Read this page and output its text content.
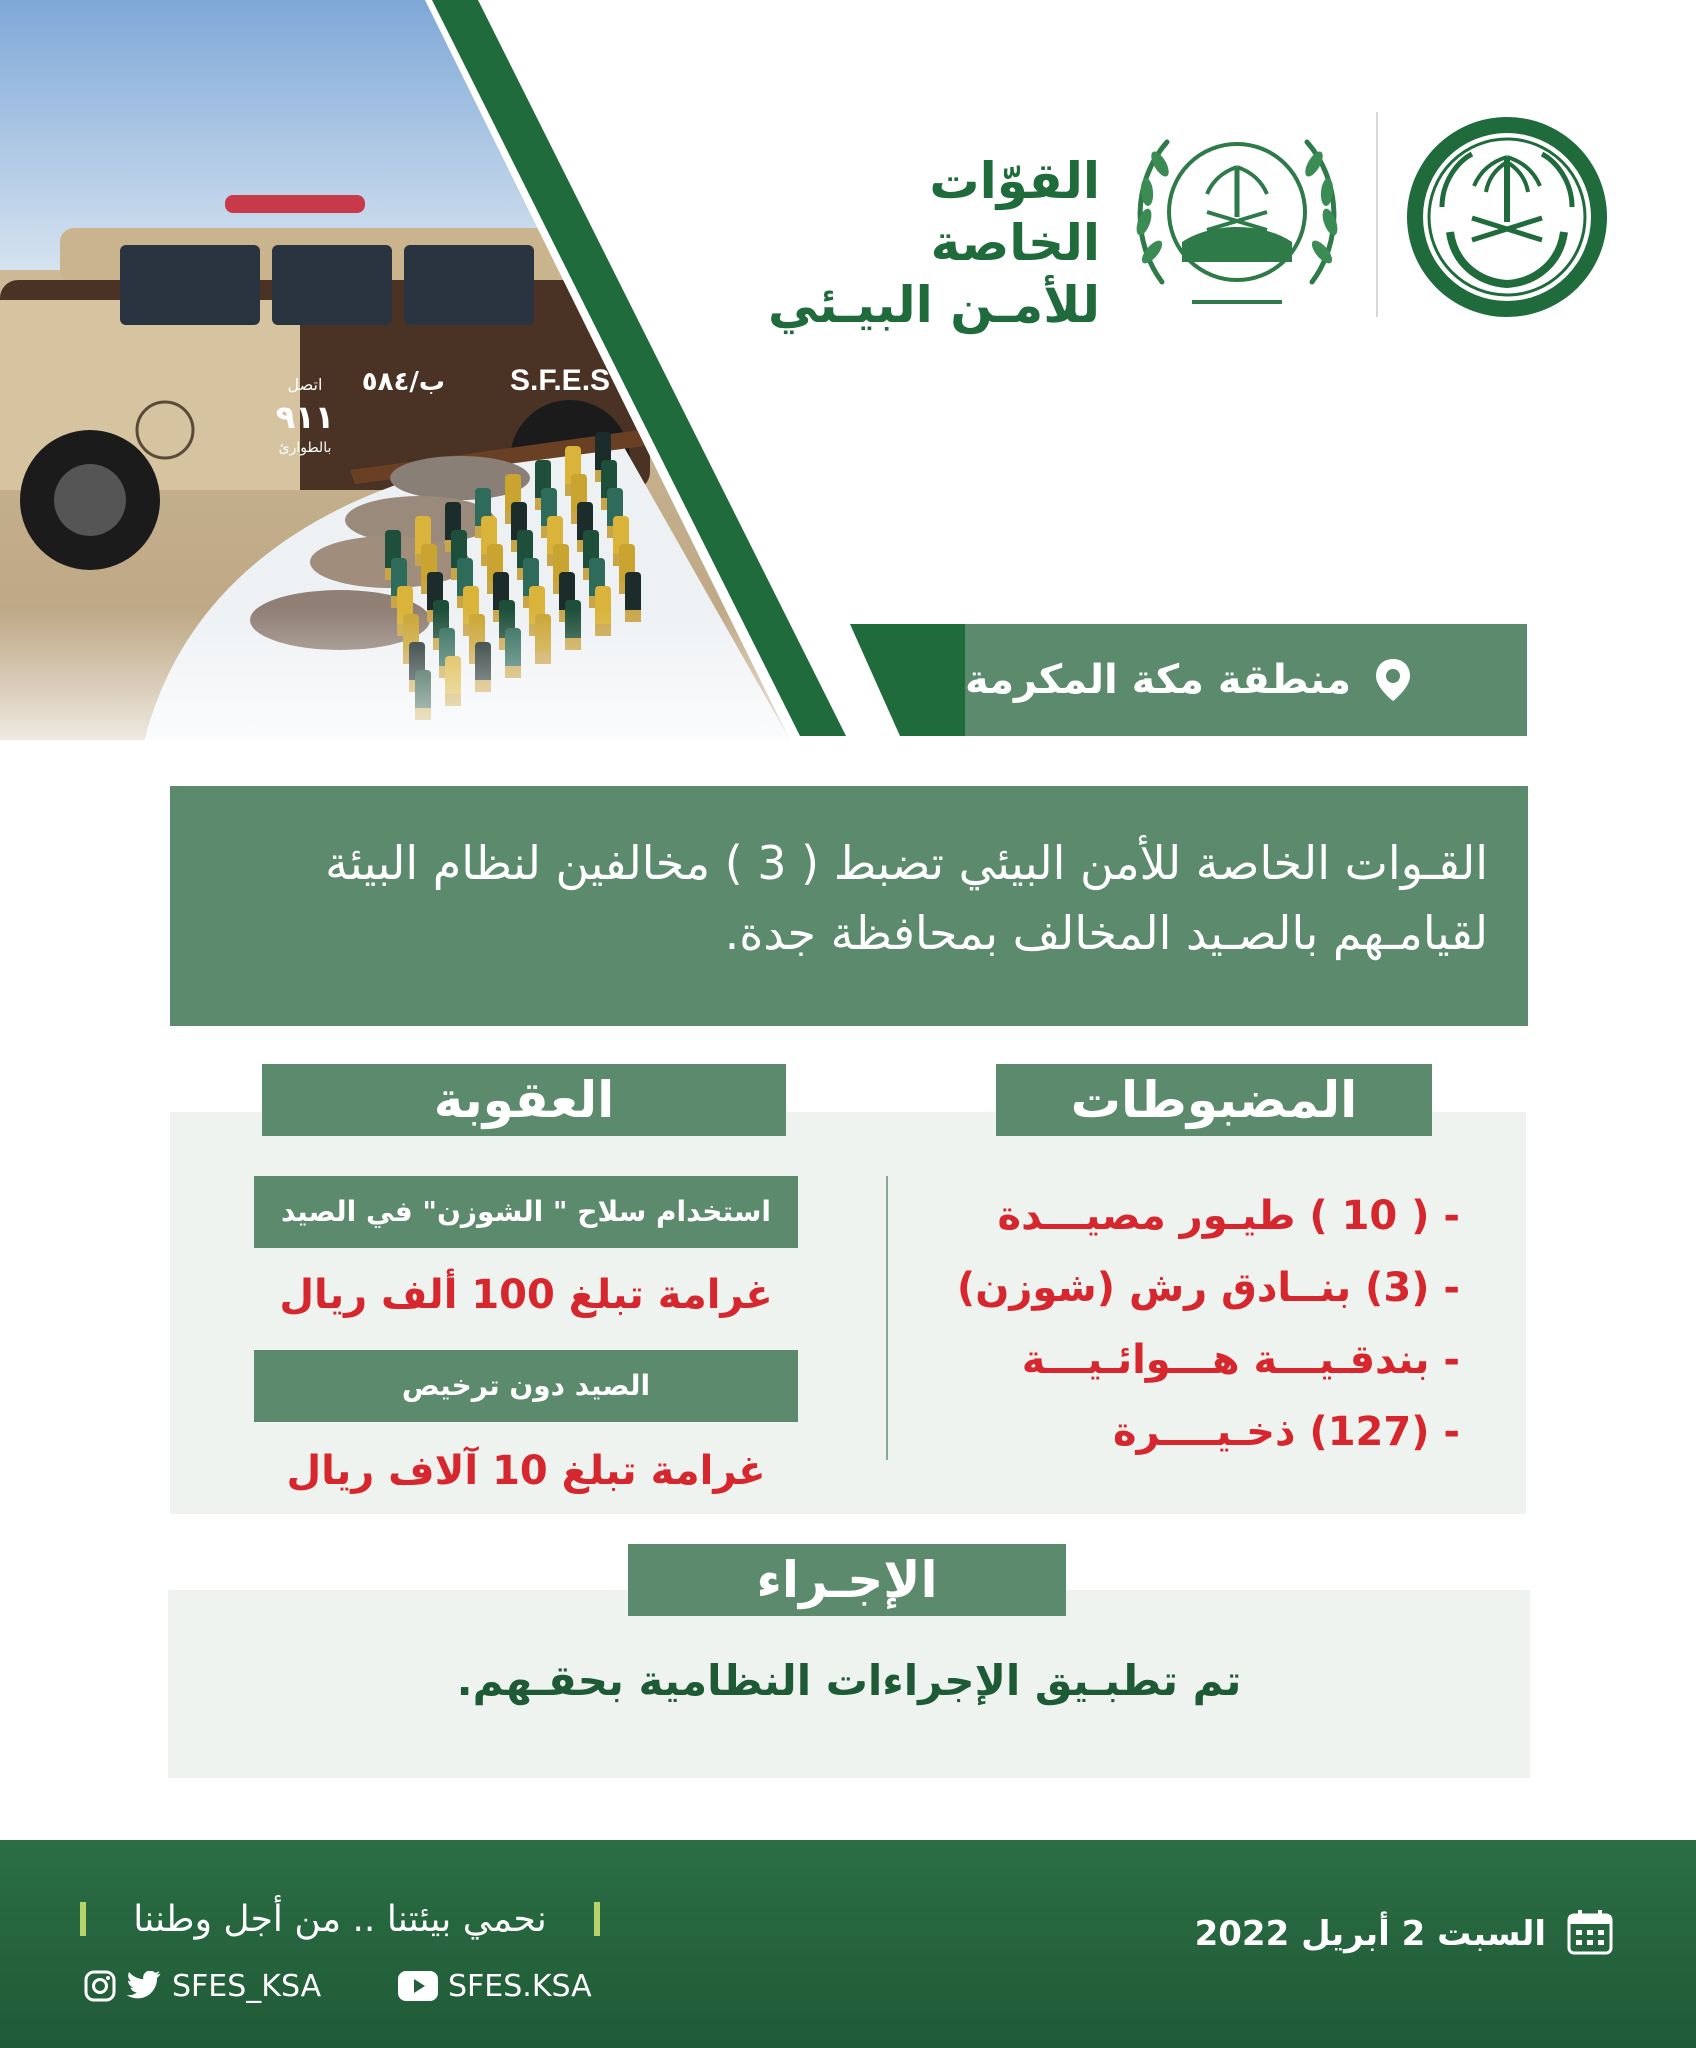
القوّات الخاصة
للأمـن البيـئي
منطقة مكة المكرمة
القـوات الخاصة للأمن البيئي تضبط ( 3 ) مخالفين لنظام البيئة
لقيامـهم بالصـيد المخالف بمحافظة جدة.
المضبوطات
العقوبة
- ( 10 ) طيـور مصيـــدة
- (3) بنــادق رش (شوزن)
- بندقـيـــة هـــوائـيـــة
- (127) ذخـيــــرة
استخدام سلاح " الشوزن" في الصيد
غرامة تبلغ 100 ألف ريال
الصيد دون ترخيص
غرامة تبلغ 10 آلاف ريال
الإجـراء
تم تطبـيق الإجراءات النظامية بحقـهم.
السبت 2 أبريل 2022
نحمي بيئتنا .. من أجل وطننا
SFES.KSA
SFES_KSA
